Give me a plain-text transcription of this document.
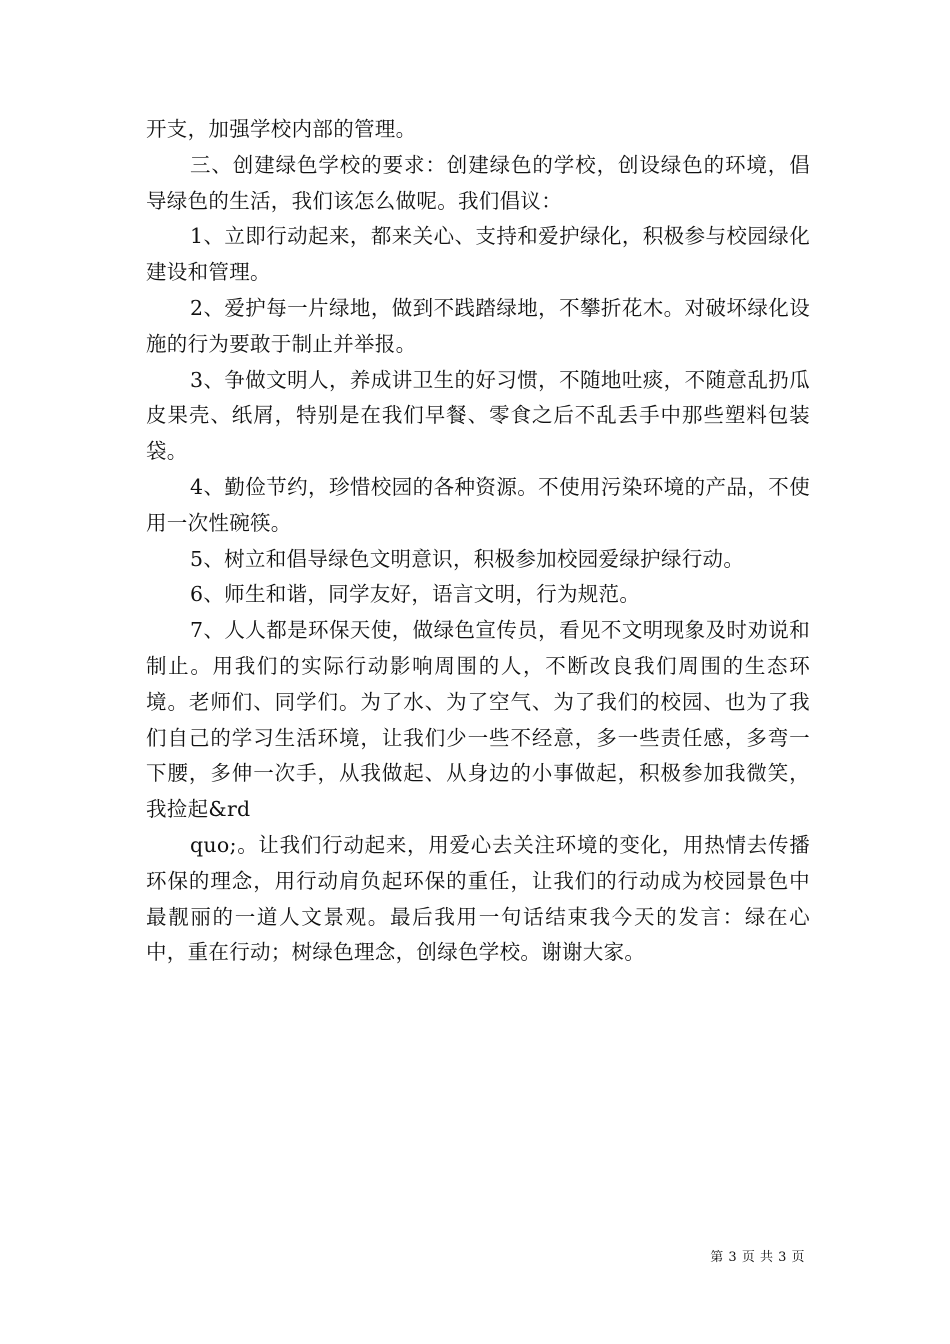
开支，加强学校内部的管理。

三、创建绿色学校的要求：创建绿色的学校，创设绿色的环境，倡导绿色的生活，我们该怎么做呢。我们倡议：

1、立即行动起来，都来关心、支持和爱护绿化，积极参与校园绿化建设和管理。

2、爱护每一片绿地，做到不践踏绿地，不攀折花木。对破坏绿化设施的行为要敢于制止并举报。

3、争做文明人，养成讲卫生的好习惯，不随地吐痰，不随意乱扔瓜皮果壳、纸屑，特别是在我们早餐、零食之后不乱丢手中那些塑料包装袋。

4、勤俭节约，珍惜校园的各种资源。不使用污染环境的产品，不使用一次性碗筷。

5、树立和倡导绿色文明意识，积极参加校园爱绿护绿行动。

6、师生和谐，同学友好，语言文明，行为规范。

7、人人都是环保天使，做绿色宣传员，看见不文明现象及时劝说和制止。用我们的实际行动影响周围的人，不断改良我们周围的生态环境。老师们、同学们。为了水、为了空气、为了我们的校园、也为了我们自己的学习生活环境，让我们少一些不经意，多一些责任感，多弯一下腰，多伸一次手，从我做起、从身边的小事做起，积极参加我微笑，我捡起&rd

quo;。让我们行动起来，用爱心去关注环境的变化，用热情去传播环保的理念，用行动肩负起环保的重任，让我们的行动成为校园景色中最靓丽的一道人文景观。最后我用一句话结束我今天的发言：绿在心中，重在行动；树绿色理念，创绿色学校。谢谢大家。

第 3 页 共 3 页
